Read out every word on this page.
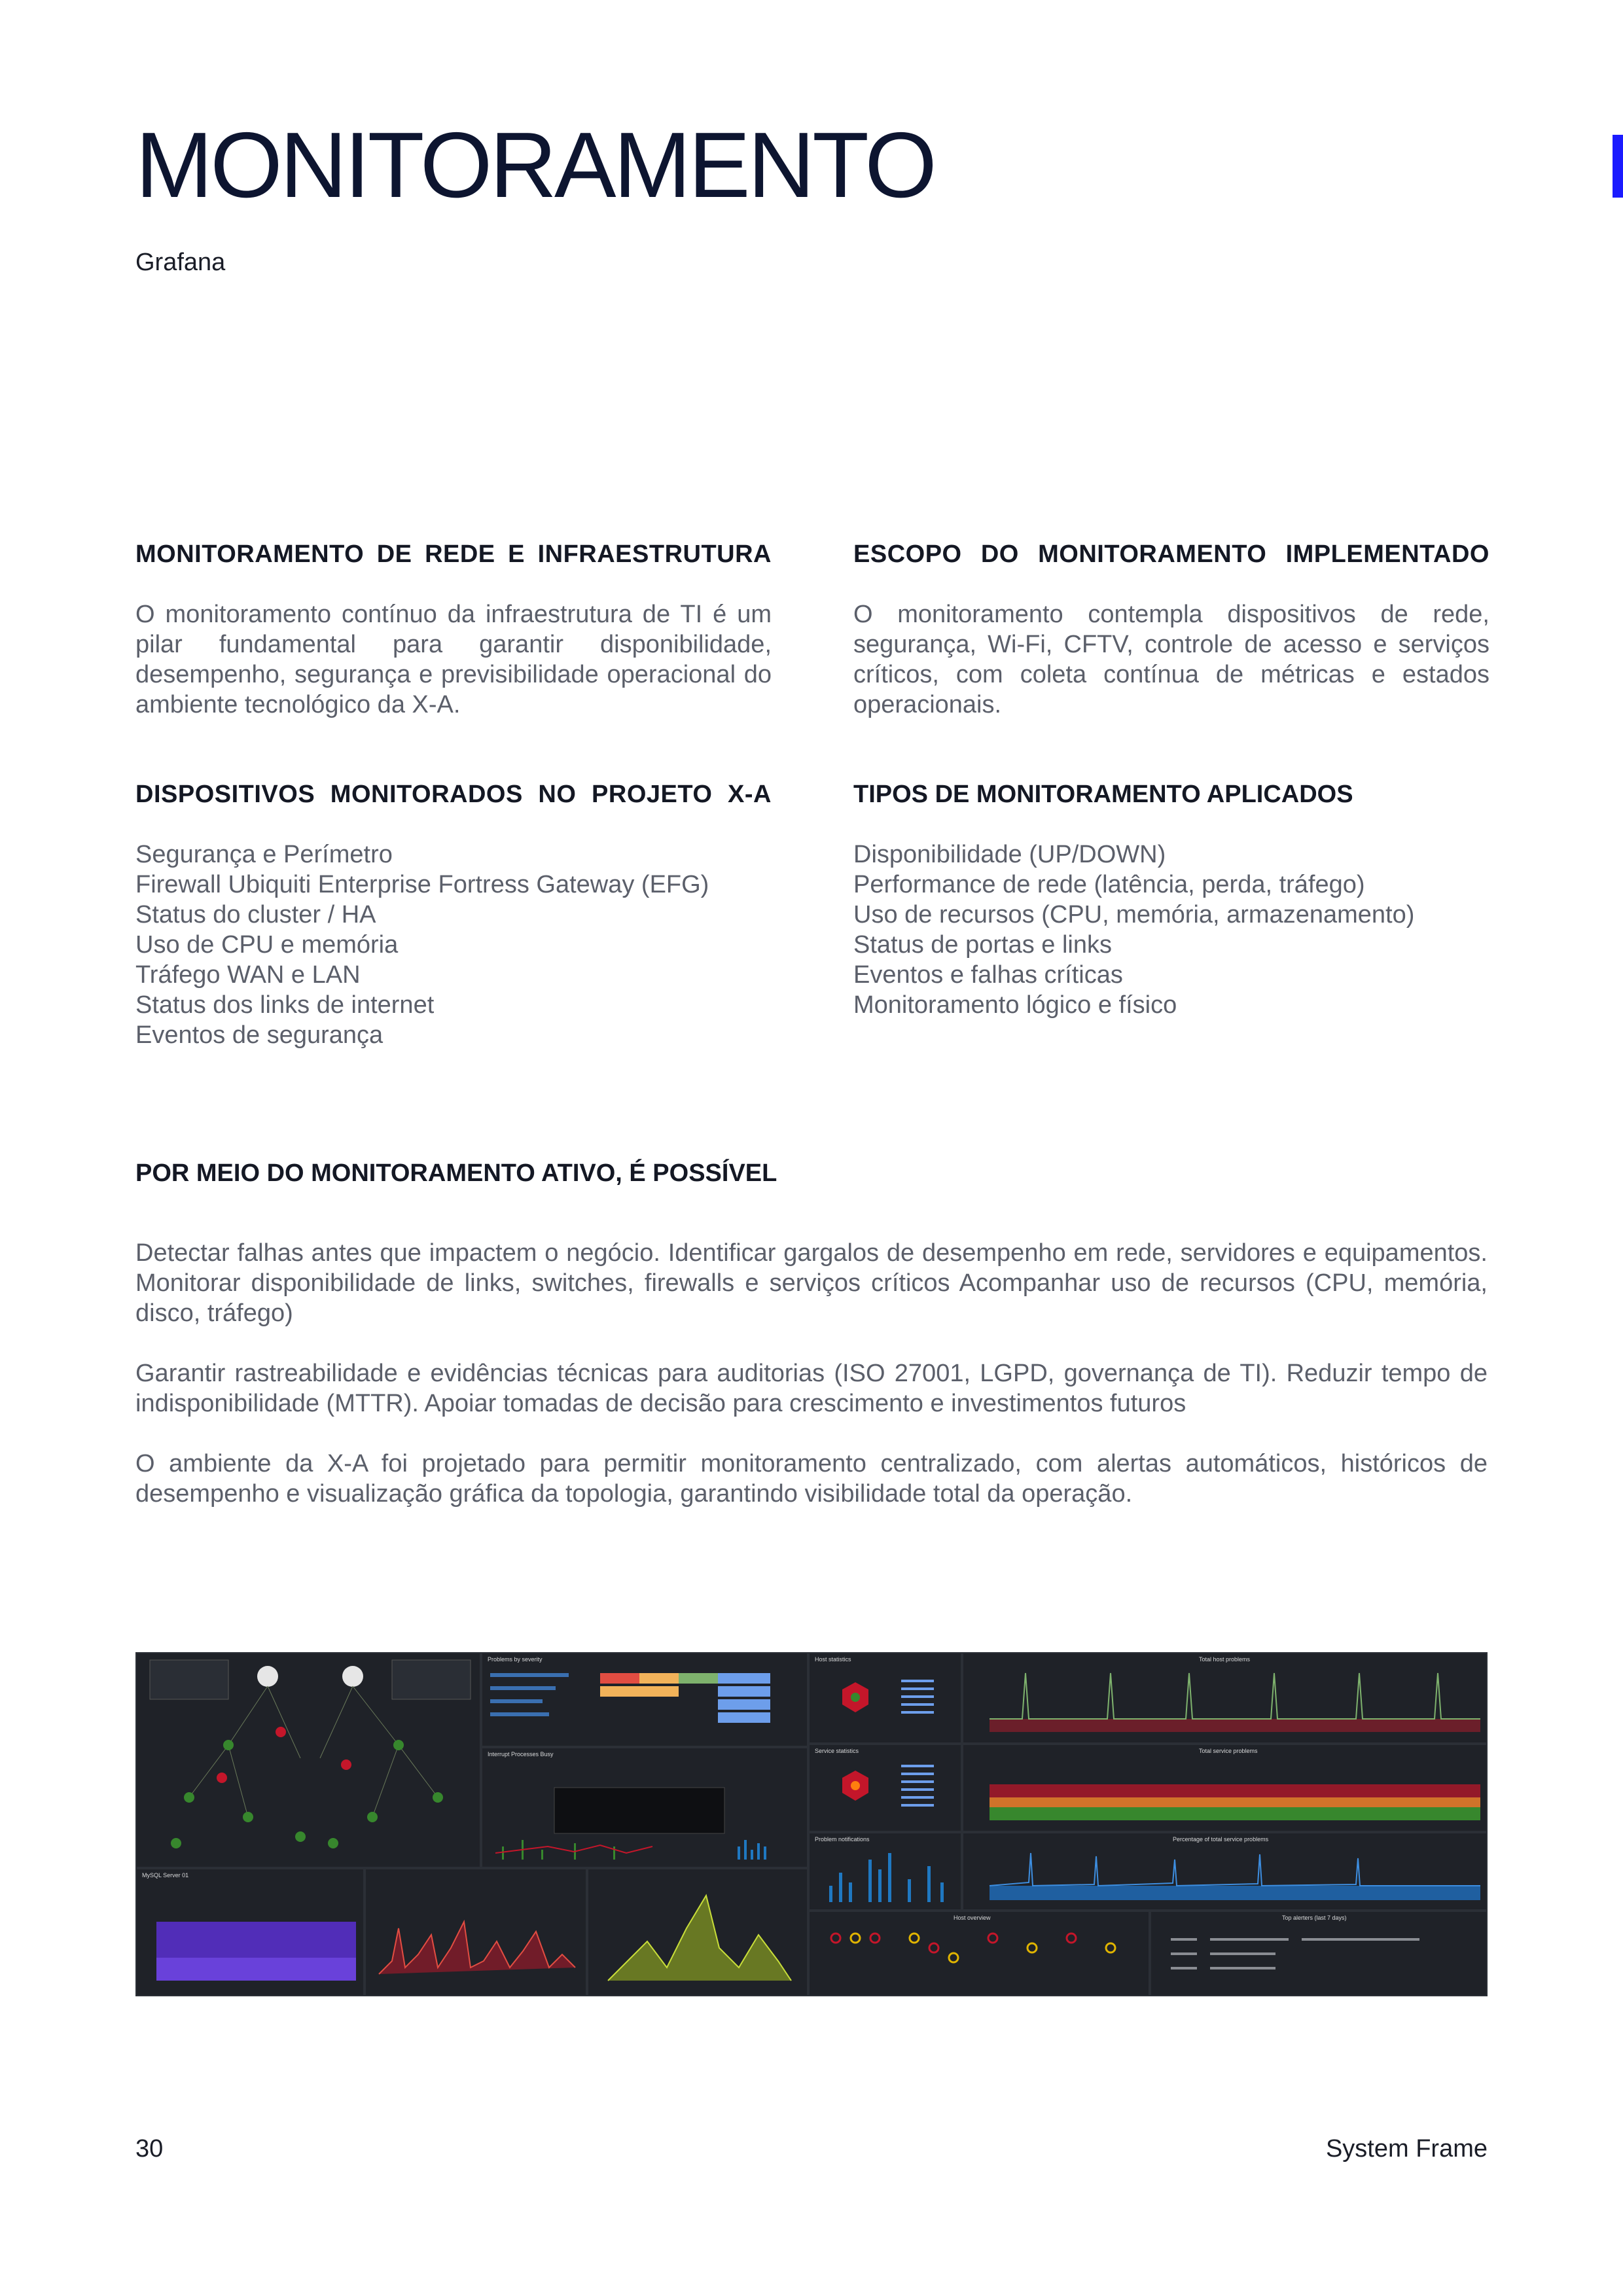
MONITORAMENTO
Grafana
MONITORAMENTO DE REDE E INFRAESTRUTURA

O monitoramento contínuo da infraestrutura de TI é um pilar fundamental para garantir disponibilidade, desempenho, segurança e previsibilidade operacional do ambiente tecnológico da X-A.

ESCOPO DO MONITORAMENTO IMPLEMENTADO

O monitoramento contempla dispositivos de rede, segurança, Wi-Fi, CFTV, controle de acesso e serviços críticos, com coleta contínua de métricas e estados operacionais.

DISPOSITIVOS MONITORADOS NO PROJETO X-A
Segurança e Perímetro
Firewall Ubiquiti Enterprise Fortress Gateway (EFG)
Status do cluster / HA
Uso de CPU e memória
Tráfego WAN e LAN
Status dos links de internet
Eventos de segurança
TIPOS DE MONITORAMENTO APLICADOS
Disponibilidade (UP/DOWN)
Performance de rede (latência, perda, tráfego)
Uso de recursos (CPU, memória, armazenamento)
Status de portas e links
Eventos e falhas críticas
Monitoramento lógico e físico
POR MEIO DO MONITORAMENTO ATIVO, É POSSÍVEL

Detectar falhas antes que impactem o negócio. Identificar gargalos de desempenho em rede, servidores e equipamentos. Monitorar disponibilidade de links, switches, firewalls e serviços críticos Acompanhar uso de recursos (CPU, memória, disco, tráfego)

Garantir rastreabilidade e evidências técnicas para auditorias (ISO 27001, LGPD, governança de TI). Reduzir tempo de indisponibilidade (MTTR). Apoiar tomadas de decisão para crescimento e investimentos futuros

O ambiente da X-A foi projetado para permitir monitoramento centralizado, com alertas automáticos, históricos de desempenho e visualização gráfica da topologia, garantindo visibilidade total da operação.

Problems by severity
Interrupt Processes Busy
Host statistics	Total host problems
Service statistics	Total service problems
Problem notifications	Percentage of total service problems
MySQL Server 01
Host overview	Top alerters (last 7 days)
30	System Frame
